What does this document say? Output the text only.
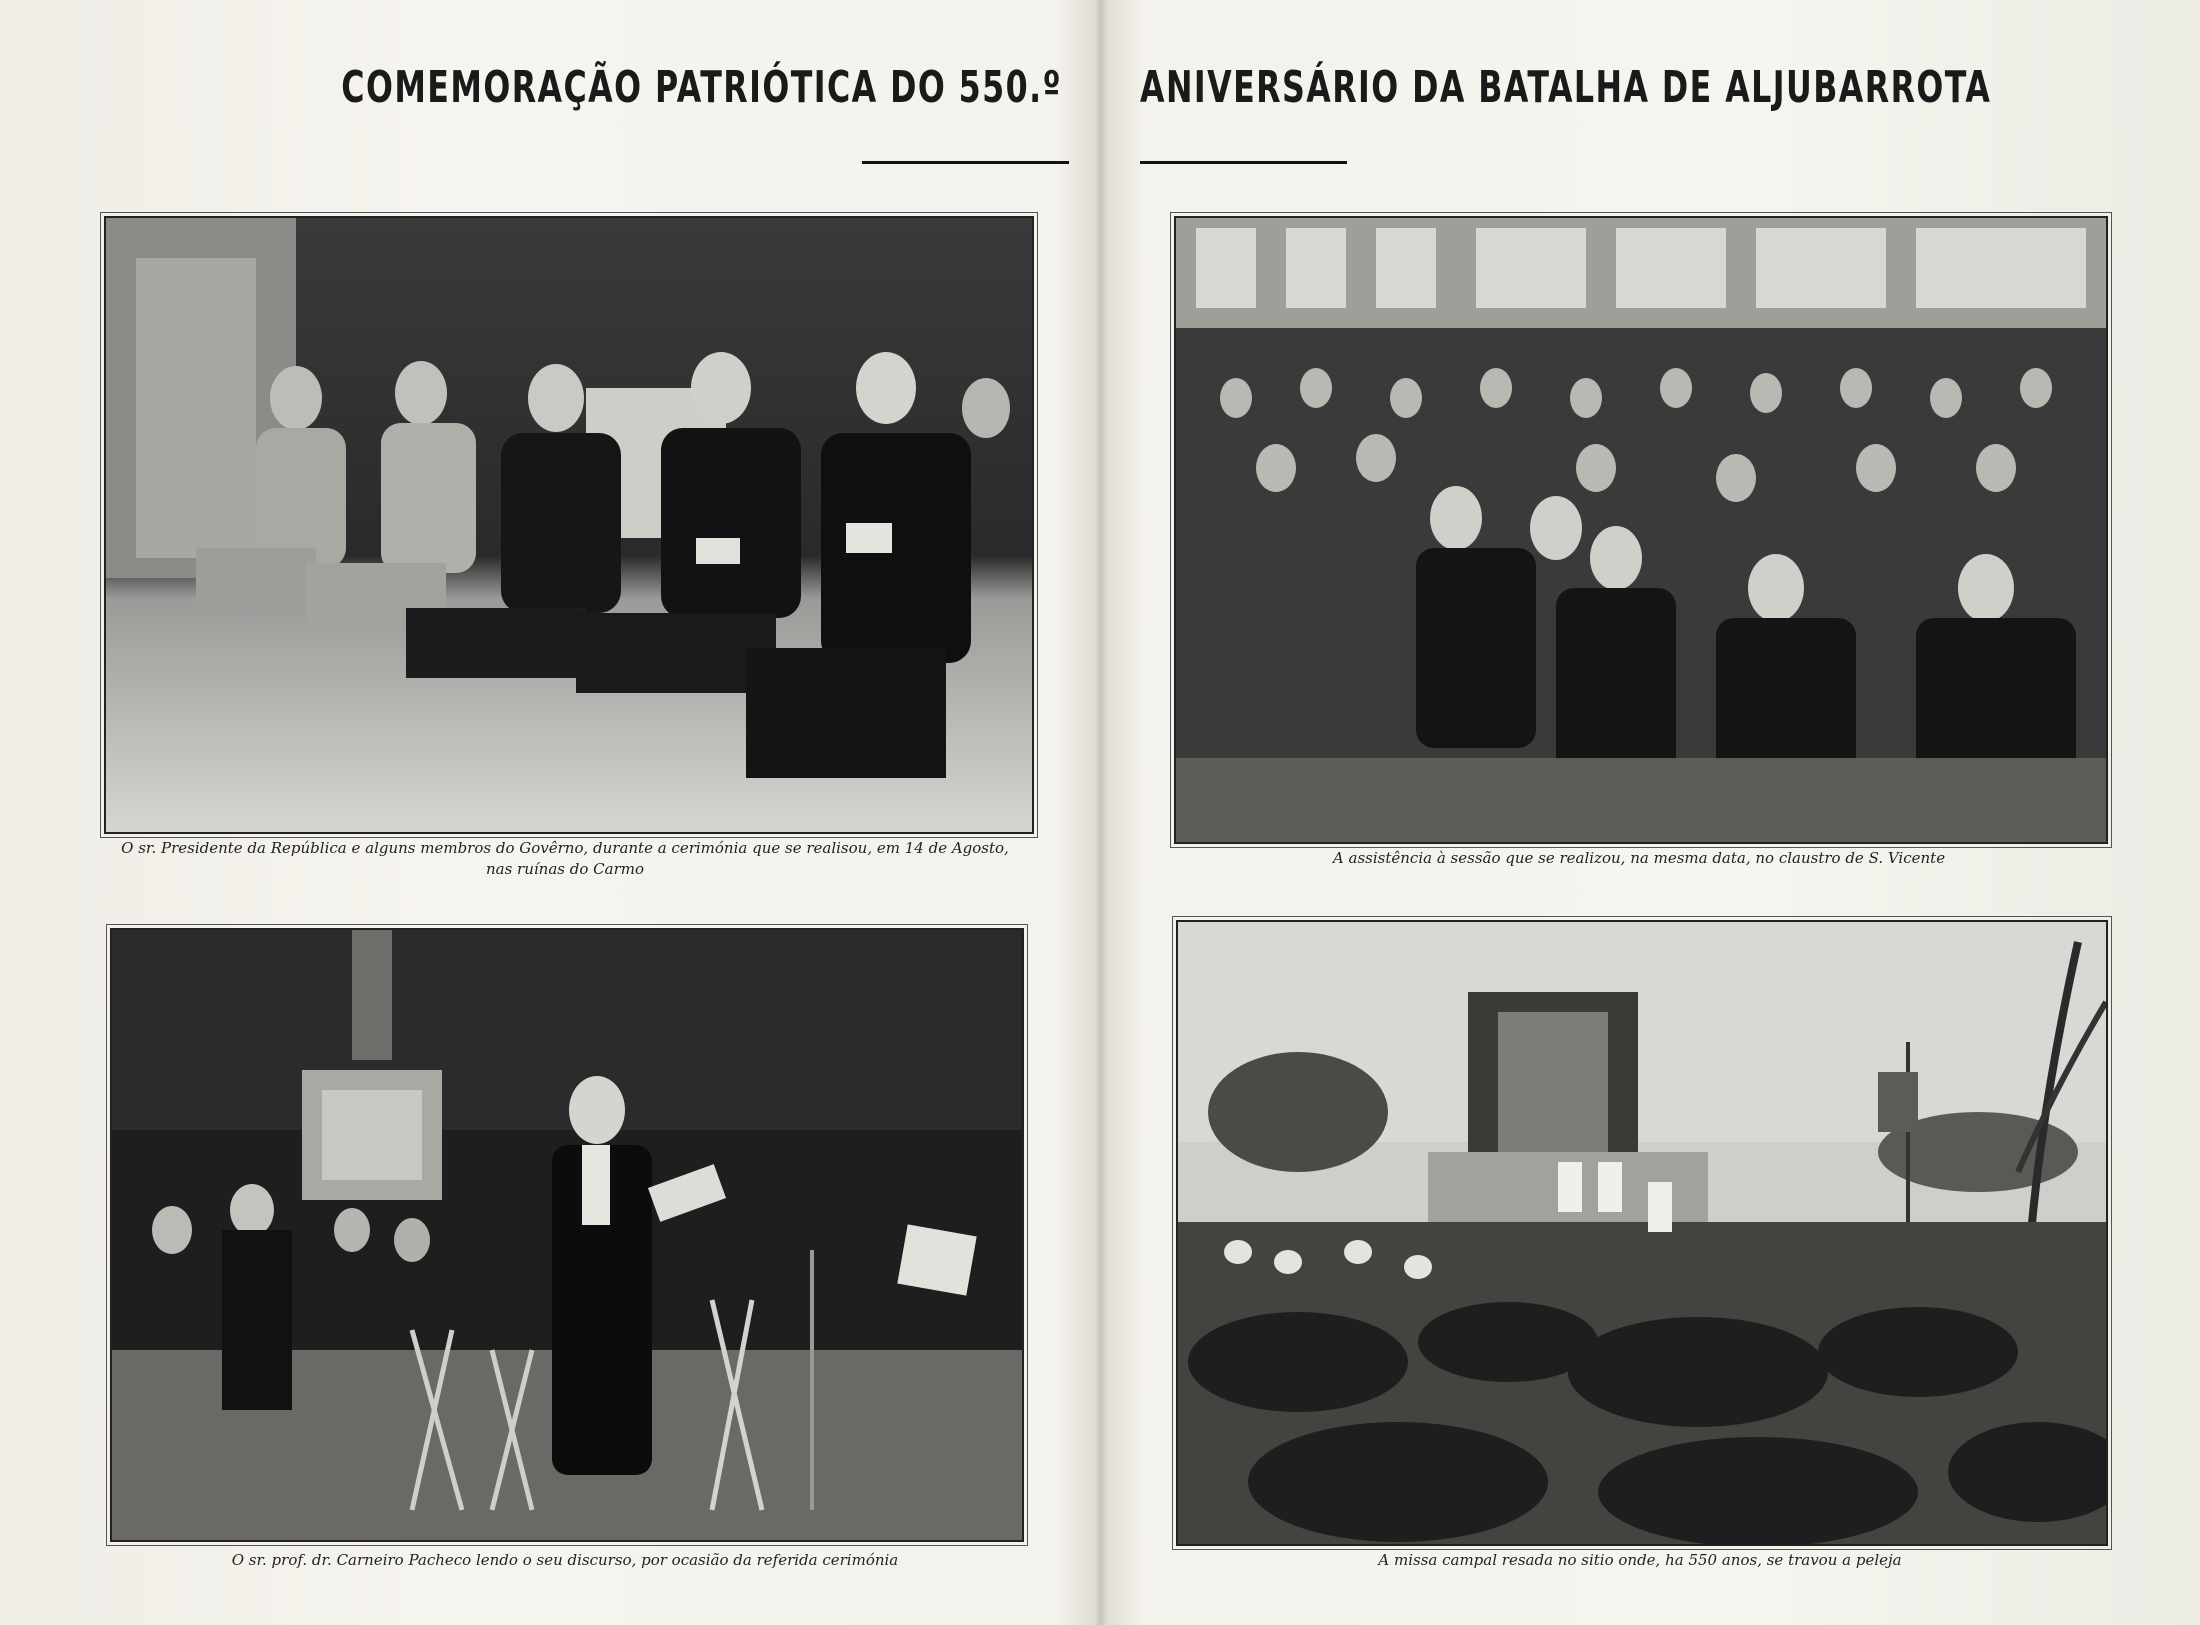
COMEMORAÇÃO PATRIÓTICA DO 550.º
O sr. Presidente da República e alguns membros do Govêrno, durante a cerimónia que se realisou, em 14 de Agosto,
nas ruínas do Carmo
O sr. prof. dr. Carneiro Pacheco lendo o seu discurso, por ocasião da referida cerimónia
ANIVERSÁRIO DA BATALHA DE ALJUBARROTA
A assistência à sessão que se realizou, na mesma data, no claustro de S. Vicente
A missa campal resada no sitio onde, ha 550 anos, se travou a peleja
